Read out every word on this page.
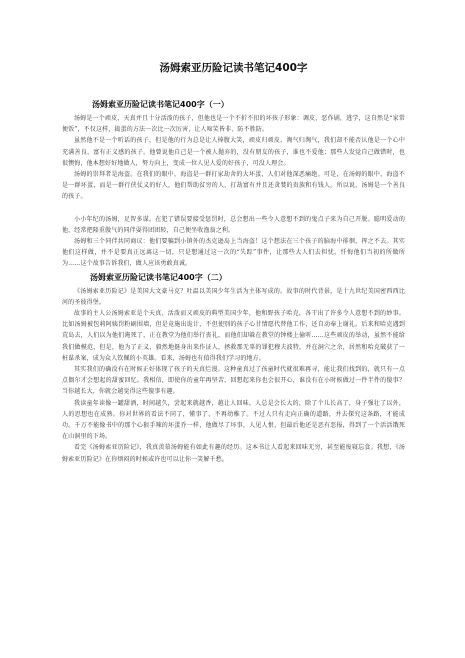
汤姆索亚历险记读书笔记400字
汤姆索亚历险记读书笔记400字（一）

汤姆是一个顽皮、天真并且十分活泼的孩子，但他也是一个不折不扣的坏孩子形象：调皮、恶作剧，逃学，这自然是“家常便饭”，不仅这样，捣蛋的方法一次比一次厉害，让人啼笑皆非、防不胜防。

虽然他不是一个听话的孩子，但是他的行为总是让人捧腹大笑，顽皮归顽皮，淘气归淘气，我们却不能否认他是一个心中充满善良、富有正义感的孩子。他曾说他自己是一个被人抛弃的，没有朋友的孩子，谁也不爱他；那些人发觉自己做错时，也很懊悔，他本想好好地做人，努力向上，变成一位人见人爱的好孩子，可没人理会。

汤姆的崇拜者是海盗。在我们的眼中，海盗是一群打家劫舍的大坏蛋，人们对他深恶痛绝。可是，在汤姆的眼中，海盗不是一群坏蛋，而是一群行侠仗义的好人，他们帮助贫穷的人，打劫富有并且还贪婪的贵族和有钱人。所以说，汤姆是一个善良的孩子。

小小年纪的汤姆，足智多谋。在犯了错误要接受惩罚时，总会想出一些令人意想不到的鬼点子来为自己开脱。聪明爱动的他，经常把隆重傲气的同伴耍得团团转，自己便坐收渔翁之利。

汤姆和三个同伴共同商议：他们要骗到小镇外的杰克逊岛上当海盗！这个想法在三个孩子的脑海中徘徊，挥之不去。其实他们这样做，并不是要真正远离这一切，只是想通过这一次的“失踪”事件，让那些大人们去担忧，忏悔他们当初的所做所为……这个故事告诉我们，做人应该勇敢真诚。

汤姆索亚历险记读书笔记400字（二）

《汤姆索亚历险记》是美国大文豪马克？吐温以美国少年生活为主体写成的。故事的时代背景，是十九世纪美国密西西比河的圣彼得堡。

故事的主人公汤姆索亚是个天真、活泼而又顽皮的典型美国少年，他和野孩子哈克，各干出了许多令人意想不到的妙事。比如汤姆被包莉阿姨罚粉刷围墙，但是竟施出诡计，不但使别的孩子心甘情愿代替他工作，还自动奉上谢礼。后来和哈克遇到荒岛去，人们以为他们淹死了，正在教堂为他们举行丧礼，而他们却躲在教堂的钟楼上偷听……这些顽皮的举动，虽然不能给我们做模范，但是，他为了正义，毅然地挺身出来作证人，拯救那无辜的罪犯穆夫波特，并在洞穴之余，居然和哈克破获了一桩谋杀案，成为众人钦佩的小英雄。看来，汤姆也有值得我们学习的地方。

其实我们的确没有在时候正好体现了孩子的天真烂漫。这种童真过了孩童时代就很难再寻，能让我们找到的，就只有一点点偶尔才会想起的甜蜜回忆。我相信，即使你的童年再坚苦，回想起来你也会很开心，谁没有在小时候做过一件半件的傻事？当你越长大，你就会越觉得这些傻事有趣。

我读童年读像一罐甜酒，时间越久，尝起来就越香，越让人回味。人总是会长大的，除了个儿长高了，身子强壮了以外，人的思想也在成熟。你对世界的看法不同了，懂事了，不再幼稚了。不过人只有走向正确的道路，并去探究这条路，才能成功。千万不能像书中的那个心狠手辣的坏蛋乔一样，他做尽了坏事，人见人恨，但最后他还是恶有恶报，得到了一个活活饿死在山洞里的下场。

看完《汤姆索亚历险记》，我真羡慕汤姆能有如此有趣的经历。这本书让人看起来回味无穷，甚至能废寝忘食。我想，《汤姆索亚历险记》在你烦闷的时候或许也可以让你一笑解千愁。
